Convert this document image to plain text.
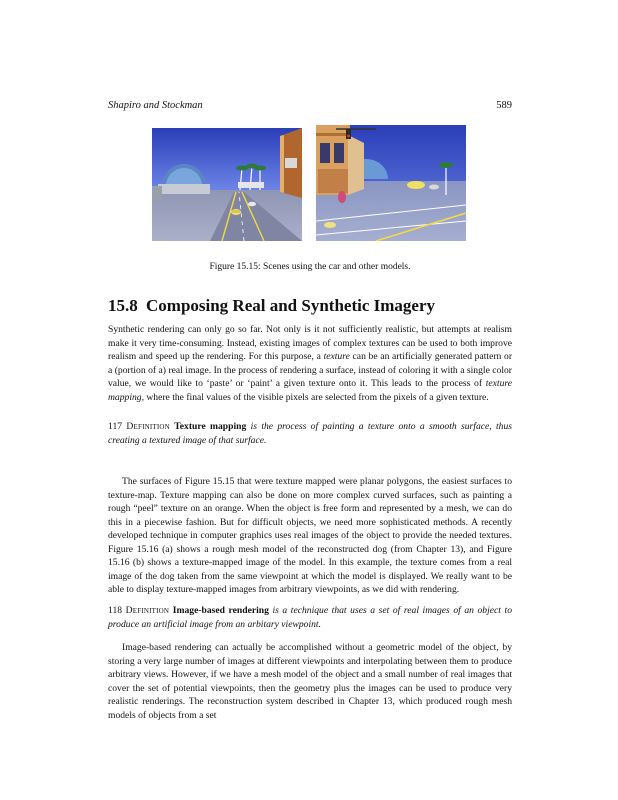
Shapiro and Stockman	589
Figure 15.15: Scenes using the car and other models.
15.8 Composing Real and Synthetic Imagery

Synthetic rendering can only go so far. Not only is it not sufficiently realistic, but attempts at realism make it very time-consuming. Instead, existing images of complex textures can be used to both improve realism and speed up the rendering. For this purpose, a texture can be an artificially generated pattern or a (portion of a) real image. In the process of rendering a surface, instead of coloring it with a single color value, we would like to ‘paste’ or ‘paint’ a given texture onto it. This leads to the process of texture mapping, where the final values of the visible pixels are selected from the pixels of a given texture.

117 Definition Texture mapping is the process of painting a texture onto a smooth surface, thus creating a textured image of that surface.

The surfaces of Figure 15.15 that were texture mapped were planar polygons, the easiest surfaces to texture-map. Texture mapping can also be done on more complex curved surfaces, such as painting a rough “peel” texture on an orange. When the object is free form and represented by a mesh, we can do this in a piecewise fashion. But for difficult objects, we need more sophisticated methods. A recently developed technique in computer graphics uses real images of the object to provide the needed textures. Figure 15.16 (a) shows a rough mesh model of the reconstructed dog (from Chapter 13), and Figure 15.16 (b) shows a texture-mapped image of the model. In this example, the texture comes from a real image of the dog taken from the same viewpoint at which the model is displayed. We really want to be able to display texture-mapped images from arbitrary viewpoints, as we did with rendering.

118 Definition Image-based rendering is a technique that uses a set of real images of an object to produce an artificial image from an arbitary viewpoint.

Image-based rendering can actually be accomplished without a geometric model of the object, by storing a very large number of images at different viewpoints and interpolating between them to produce arbitrary views. However, if we have a mesh model of the object and a small number of real images that cover the set of potential viewpoints, then the geometry plus the images can be used to produce very realistic renderings. The reconstruction system described in Chapter 13, which produced rough mesh models of objects from a set
